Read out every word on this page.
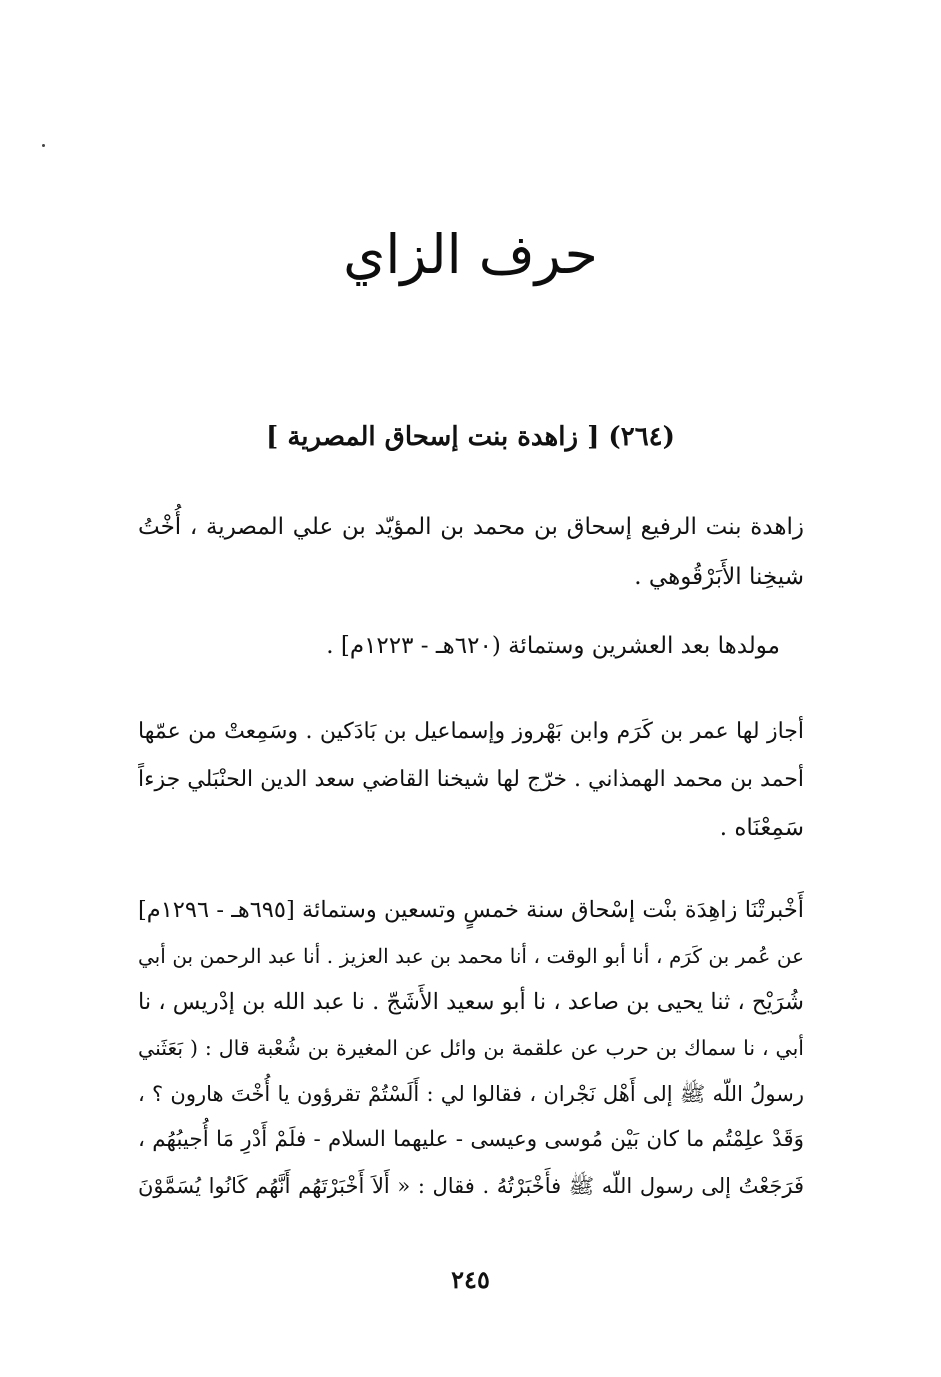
حرف الزاي
(٢٦٤) [ زاهدة بنت إسحاق المصرية ]
زاهدة بنت الرفيع إسحاق بن محمد بن المؤيّد بن علي المصرية ، أُخْتُ
شيخِنا الأَبَرْقُوهي .
مولدها بعد العشرين وستمائة (٦٢٠هـ - ١٢٢٣م] .
أجاز لها عمر بن كَرَم وابن بَهْروز وإسماعيل بن بَادَكين . وسَمِعتْ من عمّها
أحمد بن محمد الهمذاني . خرّج لها شيخنا القاضي سعد الدين الحنْبَلي جزءاً
سَمِعْنَاه .
أَخْبرتْنَا زاهِدَة بنْت إسْحاق سنة خمسٍ وتسعين وستمائة [٦٩٥هـ - ١٢٩٦م]
عن عُمر بن كَرَم ، أنا أبو الوقت ، أنا محمد بن عبد العزيز . أنا عبد الرحمن بن أبي
شُرَيْح ، ثنا يحيى بن صاعد ، نا أبو سعيد الأَشَجّ . نا عبد الله بن إدْريس ، نا
أبي ، نا سماك بن حرب عن علقمة بن وائل عن المغيرة بن شُعْبة قال : ( بَعَثَني
رسولُ اللّه ﷺ إلى أَهْل نَجْران ، فقالوا لي : أَلَسْتُمْ تقرؤون يا أُخْتَ هارون ؟ ،
وَقَدْ علِمْتُم ما كان بَيْن مُوسى وعيسى - عليهما السلام - فلَمْ أَدْرِ مَا أُجيبُهُم ،
فَرَجَعْتُ إلى رسول اللّه ﷺ فأَخْبَرْتُهُ . فقال : « أَلاَ أَخْبَرْتَهُم أَنَّهُم كَانُوا يُسَمَّوْنَ
٢٤٥
